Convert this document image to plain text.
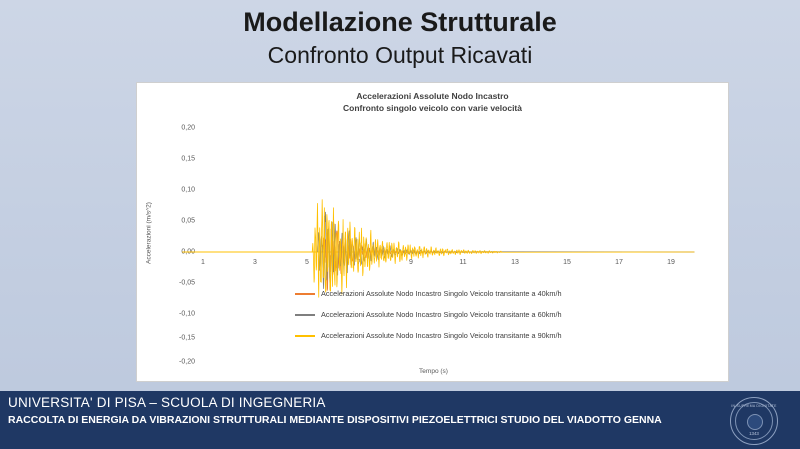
Modellazione Strutturale
Confronto Output Ricavati
Accelerazioni Assolute Nodo Incastro
Confronto singolo veicolo con varie velocità
Accelerazioni (m/s^2)
0,20
0,15
0,10
0,05
0,00
-0,05
-0,10
-0,15
-0,20
1	3	5	7	9	11	13	15	17	19
Accelerazioni Assolute Nodo Incastro Singolo Veicolo transitante a 40km/h
Accelerazioni Assolute Nodo Incastro Singolo Veicolo transitante a 60km/h
Accelerazioni Assolute Nodo Incastro Singolo Veicolo transitante a 90km/h
Tempo (s)
UNIVERSITA' DI PISA – SCUOLA DI INGEGNERIA
RACCOLTA DI ENERGIA DA VIBRAZIONI STRUTTURALI MEDIANTE DISPOSITIVI PIEZOELETTRICI STUDIO DEL VIADOTTO GENNA
IN SUPREMA DIGNITATE
1343
